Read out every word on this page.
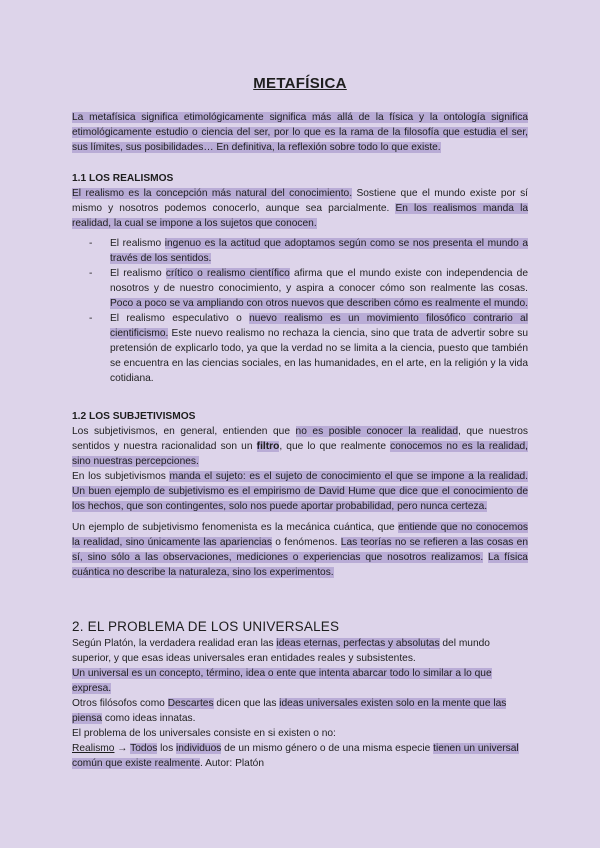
METAFÍSICA
La metafísica significa etimológicamente significa más allá de la física y la ontología significa etimológicamente estudio o ciencia del ser, por lo que es la rama de la filosofía que estudia el ser, sus límites, sus posibilidades… En definitiva, la reflexión sobre todo lo que existe.
1.1 LOS REALISMOS

El realismo es la concepción más natural del conocimiento. Sostiene que el mundo existe por sí mismo y nosotros podemos conocerlo, aunque sea parcialmente. En los realismos manda la realidad, la cual se impone a los sujetos que conocen.

- El realismo ingenuo es la actitud que adoptamos según como se nos presenta el mundo a través de los sentidos.
- El realismo crítico o realismo científico afirma que el mundo existe con independencia de nosotros y de nuestro conocimiento, y aspira a conocer cómo son realmente las cosas. Poco a poco se va ampliando con otros nuevos que describen cómo es realmente el mundo.
- El realismo especulativo o nuevo realismo es un movimiento filosófico contrario al cientificismo. Este nuevo realismo no rechaza la ciencia, sino que trata de advertir sobre su pretensión de explicarlo todo, ya que la verdad no se limita a la ciencia, puesto que también se encuentra en las ciencias sociales, en las humanidades, en el arte, en la religión y la vida cotidiana.
1.2 LOS SUBJETIVISMOS

Los subjetivismos, en general, entienden que no es posible conocer la realidad, que nuestros sentidos y nuestra racionalidad son un filtro, que lo que realmente conocemos no es la realidad, sino nuestras percepciones.

En los subjetivismos manda el sujeto: es el sujeto de conocimiento el que se impone a la realidad. Un buen ejemplo de subjetivismo es el empirismo de David Hume que dice que el conocimiento de los hechos, que son contingentes, solo nos puede aportar probabilidad, pero nunca certeza.

Un ejemplo de subjetivismo fenomenista es la mecánica cuántica, que entiende que no conocemos la realidad, sino únicamente las apariencias o fenómenos. Las teorías no se refieren a las cosas en sí, sino sólo a las observaciones, mediciones o experiencias que nosotros realizamos. La física cuántica no describe la naturaleza, sino los experimentos.

2. EL PROBLEMA DE LOS UNIVERSALES

Según Platón, la verdadera realidad eran las ideas eternas, perfectas y absolutas del mundo superior, y que esas ideas universales eran entidades reales y subsistentes.

Un universal es un concepto, término, idea o ente que intenta abarcar todo lo similar a lo que expresa.

Otros filósofos como Descartes dicen que las ideas universales existen solo en la mente que las piensa como ideas innatas.

El problema de los universales consiste en si existen o no:

Realismo → Todos los individuos de un mismo género o de una misma especie tienen un universal común que existe realmente. Autor: Platón
